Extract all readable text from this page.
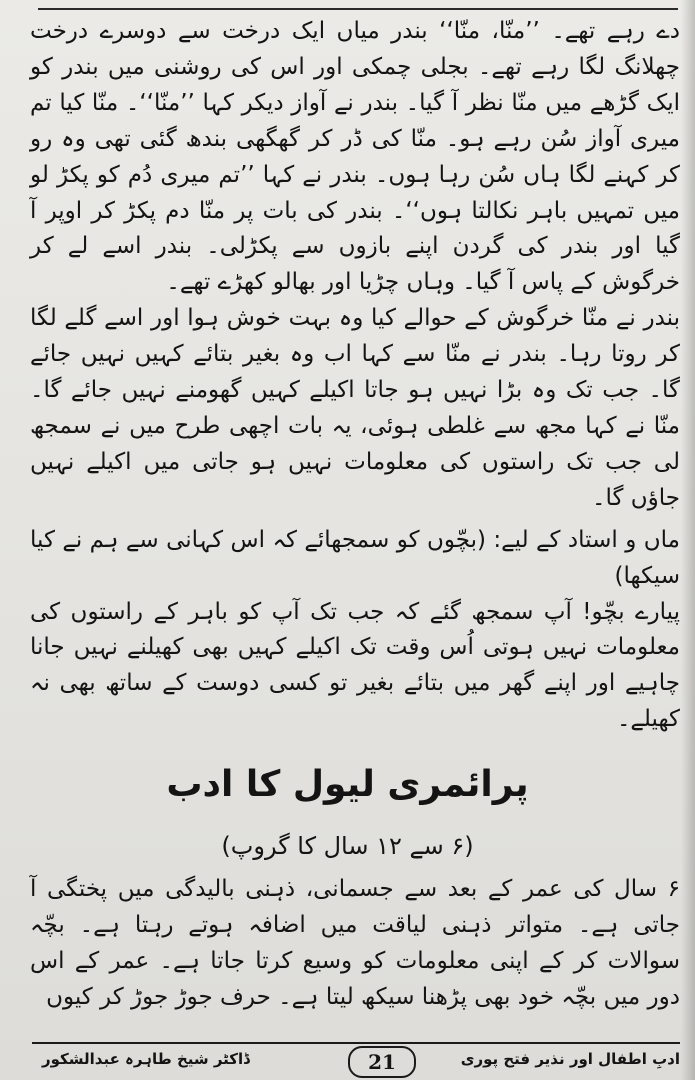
دے رہے تھے۔ ’’منّا، منّا‘‘ بندر میاں ایک درخت سے دوسرے درخت چھلانگ لگا رہے تھے۔ بجلی چمکی اور اس کی روشنی میں بندر کو ایک گڑھے میں منّا نظر آ گیا۔ بندر نے آواز دیکر کہا ’’منّا‘‘۔ منّا کیا تم میری آواز سُن رہے ہو۔ منّا کی ڈر کر گھگھی بندھ گئی تھی وہ رو کر کہنے لگا ہاں سُن رہا ہوں۔ بندر نے کہا ’’تم میری دُم کو پکڑ لو میں تمہیں باہر نکالتا ہوں‘‘۔ بندر کی بات پر منّا دم پکڑ کر اوپر آ گیا اور بندر کی گردن اپنے بازوں سے پکڑلی۔ بندر اسے لے کر خرگوش کے پاس آ گیا۔ وہاں چڑیا اور بھالو کھڑے تھے۔

بندر نے منّا خرگوش کے حوالے کیا وہ بہت خوش ہوا اور اسے گلے لگا کر روتا رہا۔ بندر نے منّا سے کہا اب وہ بغیر بتائے کہیں نہیں جائے گا۔ جب تک وہ بڑا نہیں ہو جاتا اکیلے کہیں گھومنے نہیں جائے گا۔ منّا نے کہا مجھ سے غلطی ہوئی، یہ بات اچھی طرح میں نے سمجھ لی جب تک راستوں کی معلومات نہیں ہو جاتی میں اکیلے نہیں جاؤں گا۔

ماں و استاد کے لیے: (بچّوں کو سمجھائے کہ اس کہانی سے ہم نے کیا سیکھا)

پیارے بچّو! آپ سمجھ گئے کہ جب تک آپ کو باہر کے راستوں کی معلومات نہیں ہوتی اُس وقت تک اکیلے کہیں بھی کھیلنے نہیں جانا چاہیے اور اپنے گھر میں بتائے بغیر تو کسی دوست کے ساتھ بھی نہ کھیلے۔

پرائمری لیول کا ادب
(۶ سے ۱۲ سال کا گروپ)

۶ سال کی عمر کے بعد سے جسمانی، ذہنی بالیدگی میں پختگی آ جاتی ہے۔ متواتر ذہنی لیاقت میں اضافہ ہوتے رہتا ہے۔ بچّہ سوالات کر کے اپنی معلومات کو وسیع کرتا جاتا ہے۔ عمر کے اس دور میں بچّہ خود بھی پڑھنا سیکھ لیتا ہے۔ حرف جوڑ جوڑ کر کیوں

ڈاکٹر شیخ طاہرہ عبدالشکور	21	ادبِ اطفال اور نذیر فتح پوری
